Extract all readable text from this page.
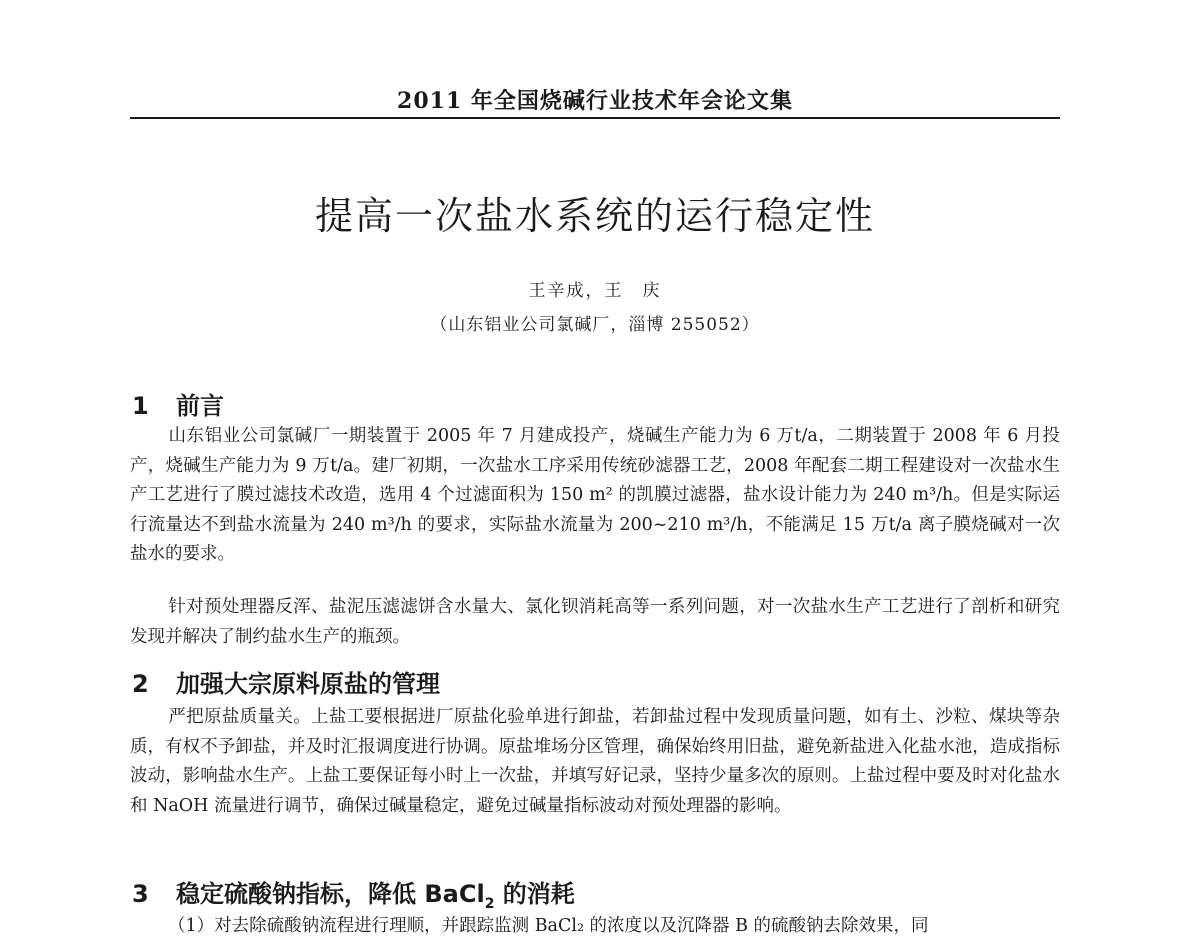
2011 年全国烧碱行业技术年会论文集
提高一次盐水系统的运行稳定性
王辛成，王　庆
（山东铝业公司氯碱厂，淄博 255052）
1 前言
山东铝业公司氯碱厂一期装置于 2005 年 7 月建成投产，烧碱生产能力为 6 万t/a，二期装置于 2008 年 6 月投产，烧碱生产能力为 9 万t/a。建厂初期，一次盐水工序采用传统砂滤器工艺，2008 年配套二期工程建设对一次盐水生产工艺进行了膜过滤技术改造，选用 4 个过滤面积为 150 m² 的凯膜过滤器，盐水设计能力为 240 m³/h。但是实际运行流量达不到盐水流量为 240 m³/h 的要求，实际盐水流量为 200~210 m³/h，不能满足 15 万t/a 离子膜烧碱对一次盐水的要求。
针对预处理器反浑、盐泥压滤滤饼含水量大、氯化钡消耗高等一系列问题，对一次盐水生产工艺进行了剖析和研究发现并解决了制约盐水生产的瓶颈。
2 加强大宗原料原盐的管理
严把原盐质量关。上盐工要根据进厂原盐化验单进行卸盐，若卸盐过程中发现质量问题，如有土、沙粒、煤块等杂质，有权不予卸盐，并及时汇报调度进行协调。原盐堆场分区管理，确保始终用旧盐，避免新盐进入化盐水池，造成指标波动，影响盐水生产。上盐工要保证每小时上一次盐，并填写好记录，坚持少量多次的原则。上盐过程中要及时对化盐水和 NaOH 流量进行调节，确保过碱量稳定，避免过碱量指标波动对预处理器的影响。
3 稳定硫酸钠指标，降低 BaCl$_2$ 的消耗
（1）对去除硫酸钠流程进行理顺，并跟踪监测 BaCl₂ 的浓度以及沉降器 B 的硫酸钠去除效果，同
